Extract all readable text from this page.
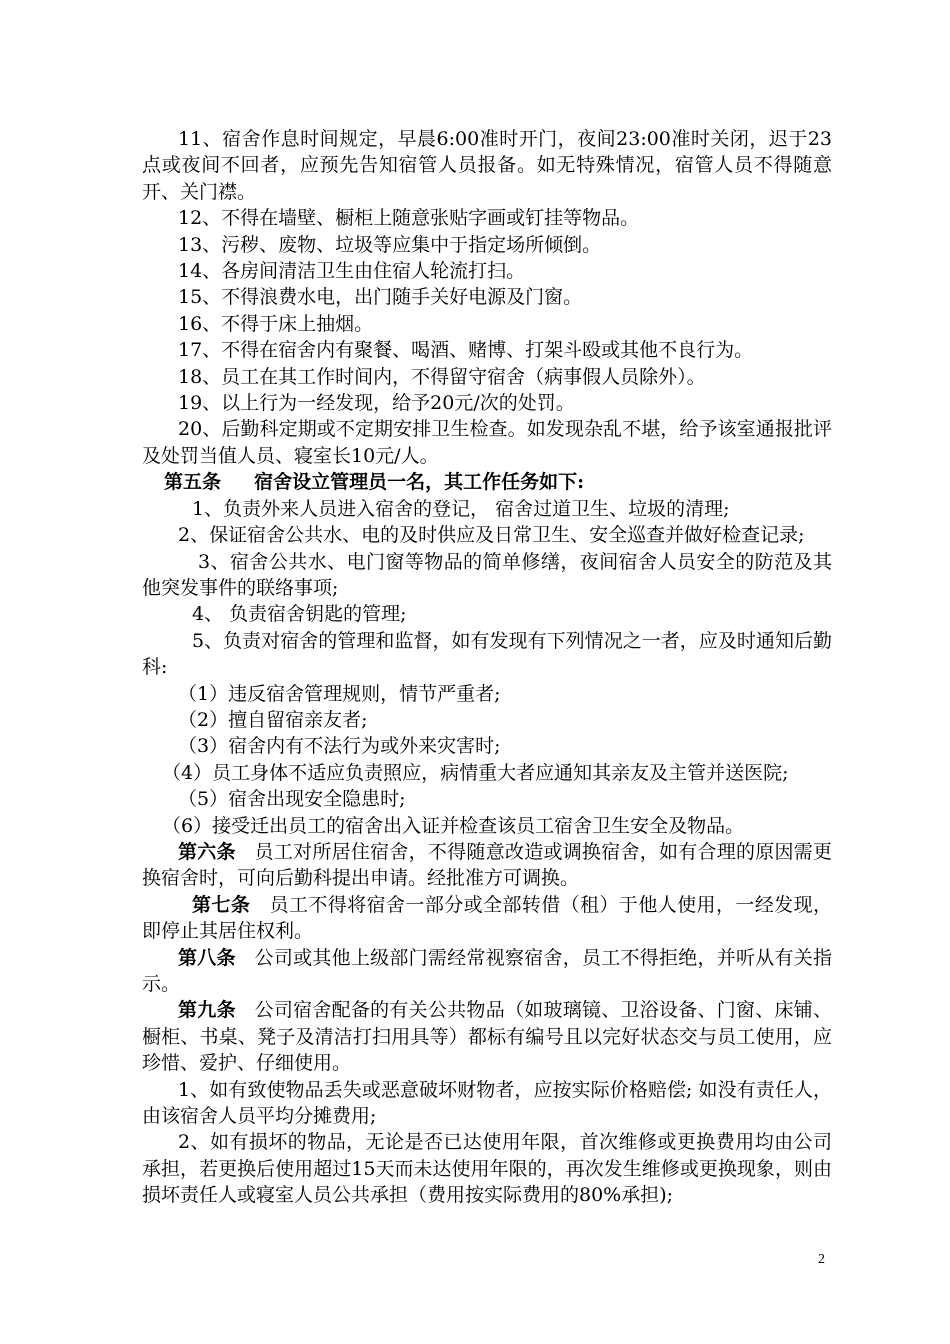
11、宿舍作息时间规定，早晨6:00准时开门，夜间23:00准时关闭，迟于23点或夜间不回者，应预先告知宿管人员报备。如无特殊情况，宿管人员不得随意开、关门襟。

12、不得在墙壁、橱柜上随意张贴字画或钉挂等物品。

13、污秽、废物、垃圾等应集中于指定场所倾倒。

14、各房间清洁卫生由住宿人轮流打扫。

15、不得浪费水电，出门随手关好电源及门窗。

16、不得于床上抽烟。

17、不得在宿舍内有聚餐、喝酒、赌博、打架斗殴或其他不良行为。

18、员工在其工作时间内，不得留守宿舍（病事假人员除外）。

19、以上行为一经发现，给予20元/次的处罚。

20、后勤科定期或不定期安排卫生检查。如发现杂乱不堪，给予该室通报批评及处罚当值人员、寝室长10元/人。

第五条 宿舍设立管理员一名，其工作任务如下:

1、负责外来人员进入宿舍的登记， 宿舍过道卫生、垃圾的清理;

2、保证宿舍公共水、电的及时供应及日常卫生、安全巡查并做好检查记录;

3、宿舍公共水、电门窗等物品的简单修缮，夜间宿舍人员安全的防范及其他突发事件的联络事项;

4、 负责宿舍钥匙的管理;

5、负责对宿舍的管理和监督，如有发现有下列情况之一者，应及时通知后勤科:

（1）违反宿舍管理规则，情节严重者;

（2）擅自留宿亲友者;

（3）宿舍内有不法行为或外来灾害时;

（4）员工身体不适应负责照应，病情重大者应通知其亲友及主管并送医院;

（5）宿舍出现安全隐患时;

（6）接受迁出员工的宿舍出入证并检查该员工宿舍卫生安全及物品。

第六条 员工对所居住宿舍，不得随意改造或调换宿舍，如有合理的原因需更换宿舍时，可向后勤科提出申请。经批准方可调换。

第七条 员工不得将宿舍一部分或全部转借（租）于他人使用，一经发现，即停止其居住权利。

第八条 公司或其他上级部门需经常视察宿舍，员工不得拒绝，并听从有关指示。

第九条 公司宿舍配备的有关公共物品（如玻璃镜、卫浴设备、门窗、床铺、橱柜、书桌、凳子及清洁打扫用具等）都标有编号且以完好状态交与员工使用，应珍惜、爱护、仔细使用。

1、如有致使物品丢失或恶意破坏财物者，应按实际价格赔偿; 如没有责任人，由该宿舍人员平均分摊费用;

2、如有损坏的物品，无论是否已达使用年限，首次维修或更换费用均由公司承担，若更换后使用超过15天而未达使用年限的，再次发生维修或更换现象，则由损坏责任人或寝室人员公共承担（费用按实际费用的80%承担);

2
